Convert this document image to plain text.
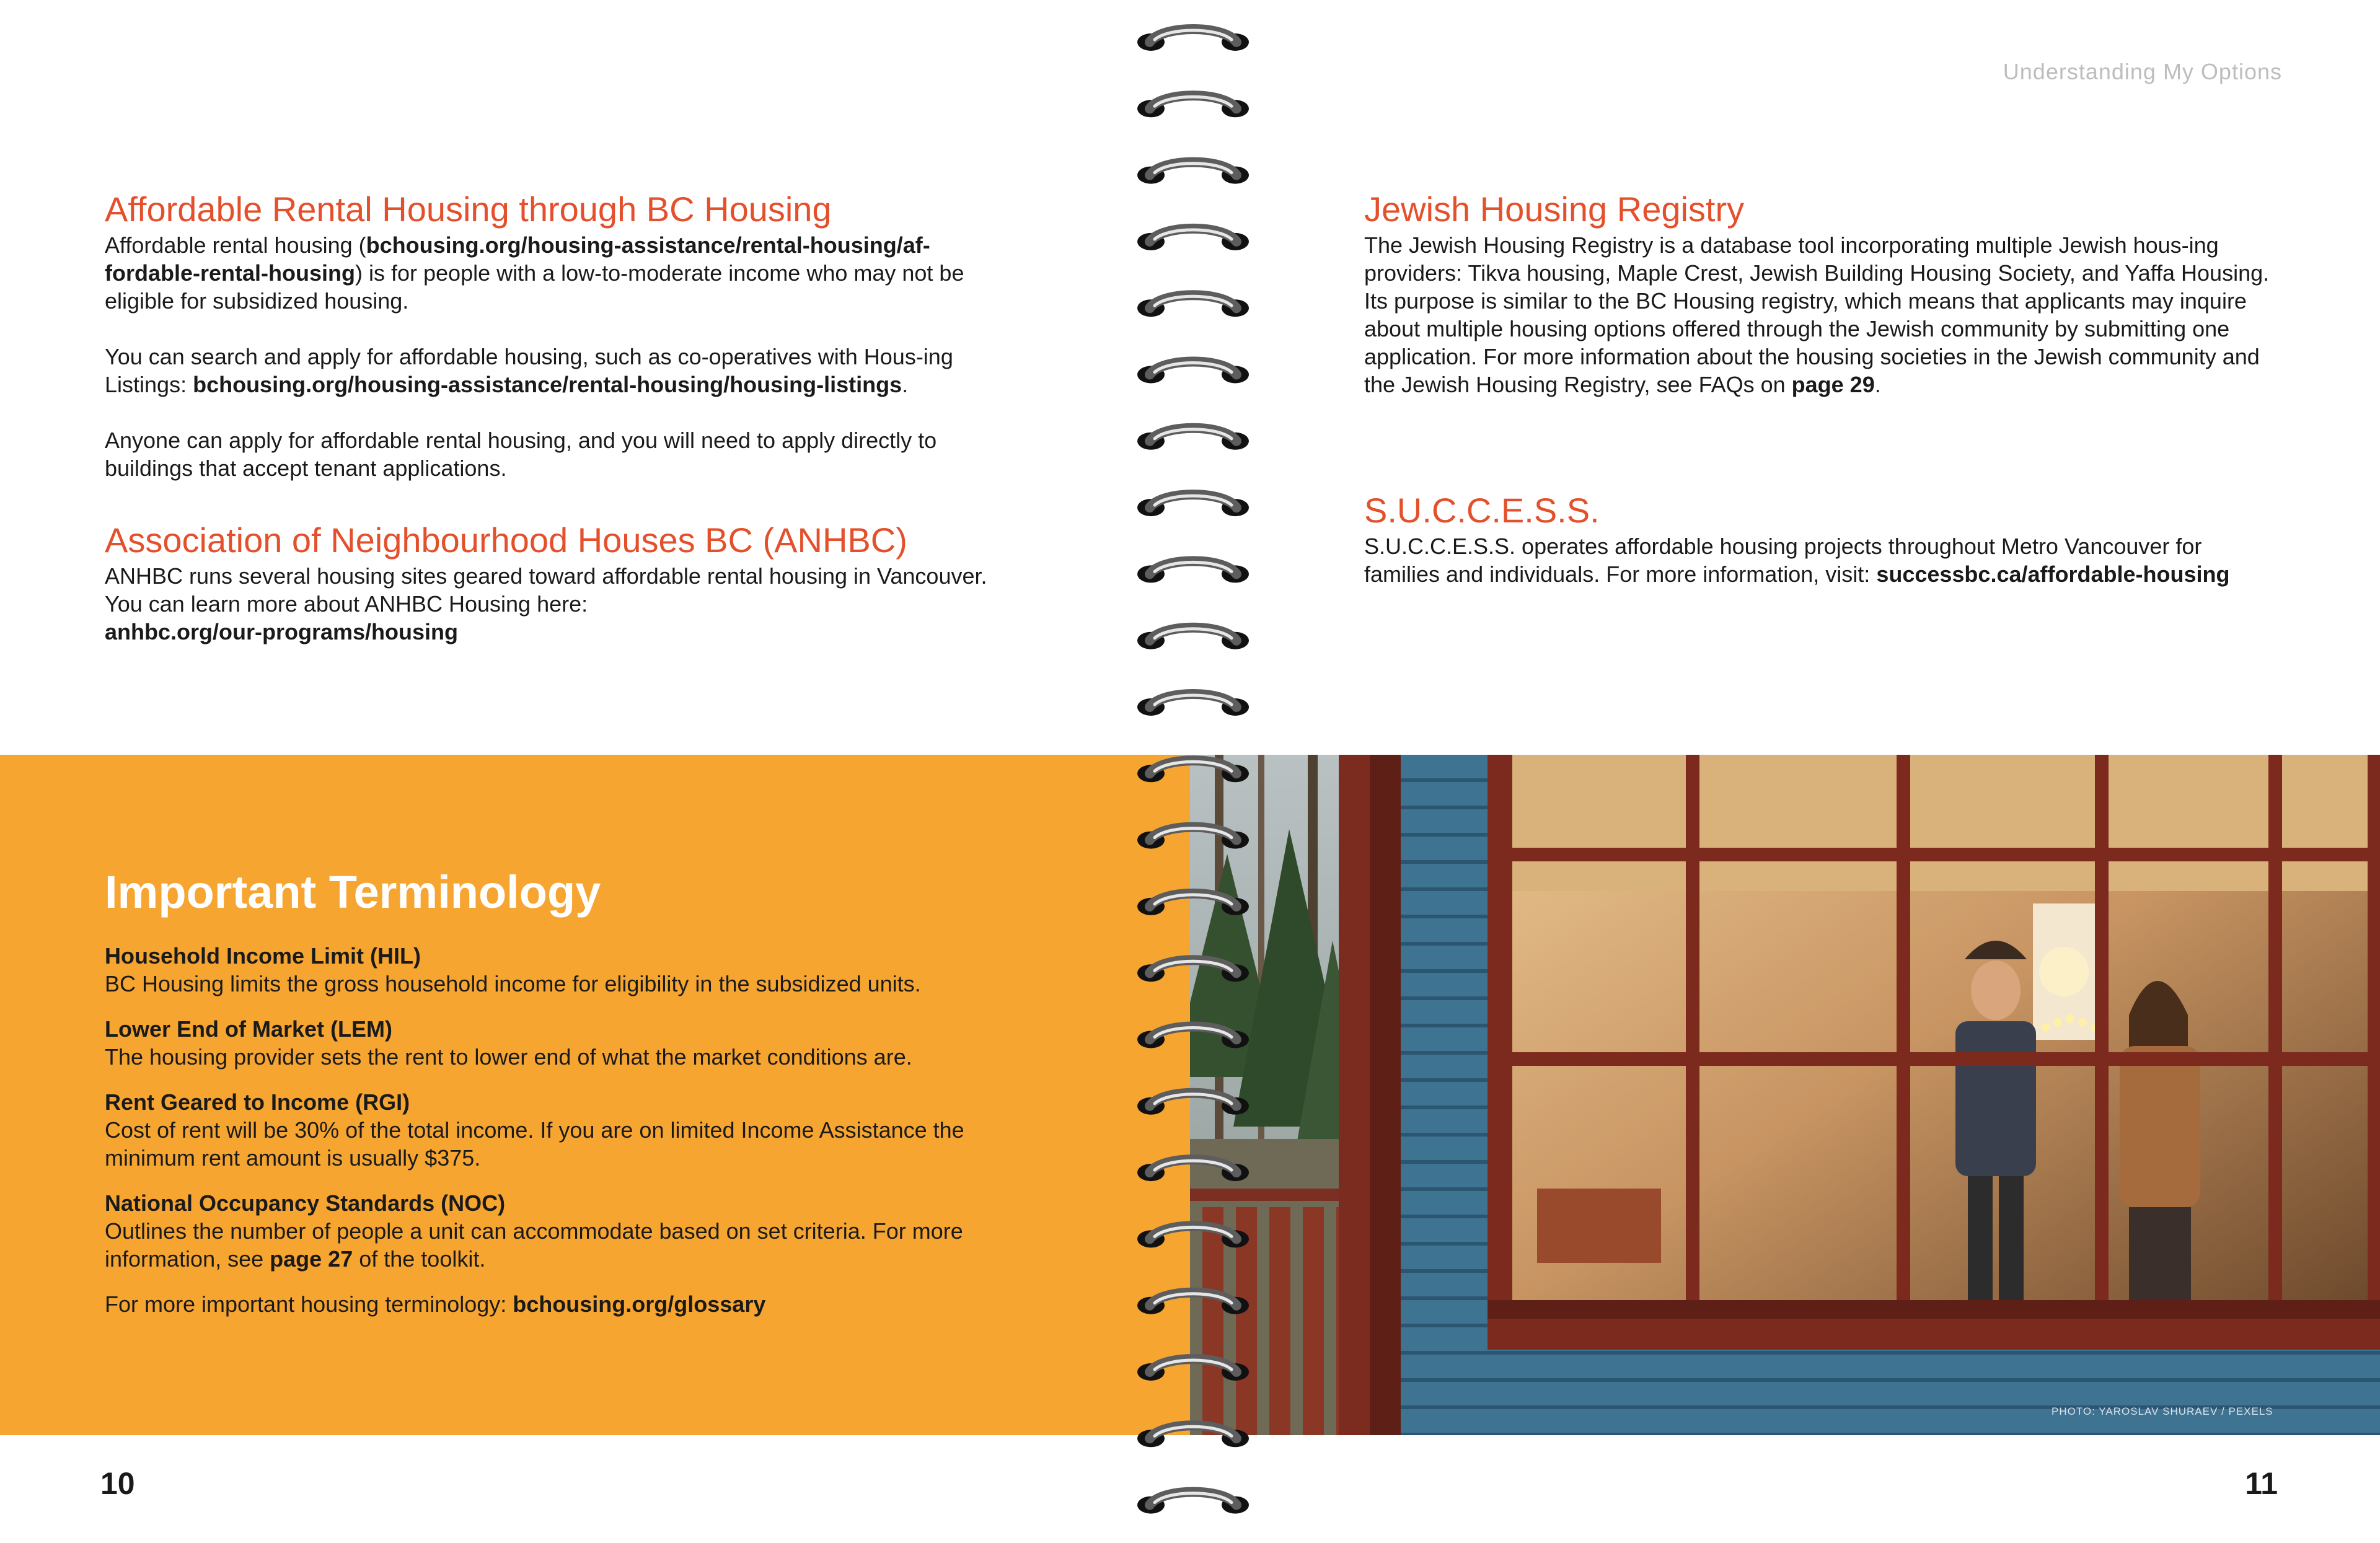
Understanding My Options
Affordable Rental Housing through BC Housing

Affordable rental housing (bchousing.org/housing-assistance/rental-housing/af-fordable-rental-housing) is for people with a low-to-moderate income who may not be eligible for subsidized housing.

You can search and apply for affordable housing, such as co-operatives with Hous-ing Listings: bchousing.org/housing-assistance/rental-housing/housing-listings.

Anyone can apply for affordable rental housing, and you will need to apply directly to buildings that accept tenant applications.

Association of Neighbourhood Houses BC (ANHBC)

ANHBC runs several housing sites geared toward affordable rental housing in Vancouver. You can learn more about ANHBC Housing here:
anhbc.org/our-programs/housing

Jewish Housing Registry

The Jewish Housing Registry is a database tool incorporating multiple Jewish hous-ing providers: Tikva housing, Maple Crest, Jewish Building Housing Society, and Yaffa Housing. Its purpose is similar to the BC Housing registry, which means that applicants may inquire about multiple housing options offered through the Jewish community by submitting one application. For more information about the housing societies in the Jewish community and the Jewish Housing Registry, see FAQs on page 29.

S.U.C.C.E.S.S.

S.U.C.C.E.S.S. operates affordable housing projects throughout Metro Vancouver for families and individuals. For more information, visit: successbc.ca/affordable-housing

Important Terminology
Household Income Limit (HIL)
BC Housing limits the gross household income for eligibility in the subsidized units.
Lower End of Market (LEM)
The housing provider sets the rent to lower end of what the market conditions are.
Rent Geared to Income (RGI)
Cost of rent will be 30% of the total income. If you are on limited Income Assistance the minimum rent amount is usually $375.
National Occupancy Standards (NOC)
Outlines the number of people a unit can accommodate based on set criteria. For more information, see page 27 of the toolkit.
For more important housing terminology: bchousing.org/glossary
PHOTO: YAROSLAV SHURAEV / PEXELS
10	11
